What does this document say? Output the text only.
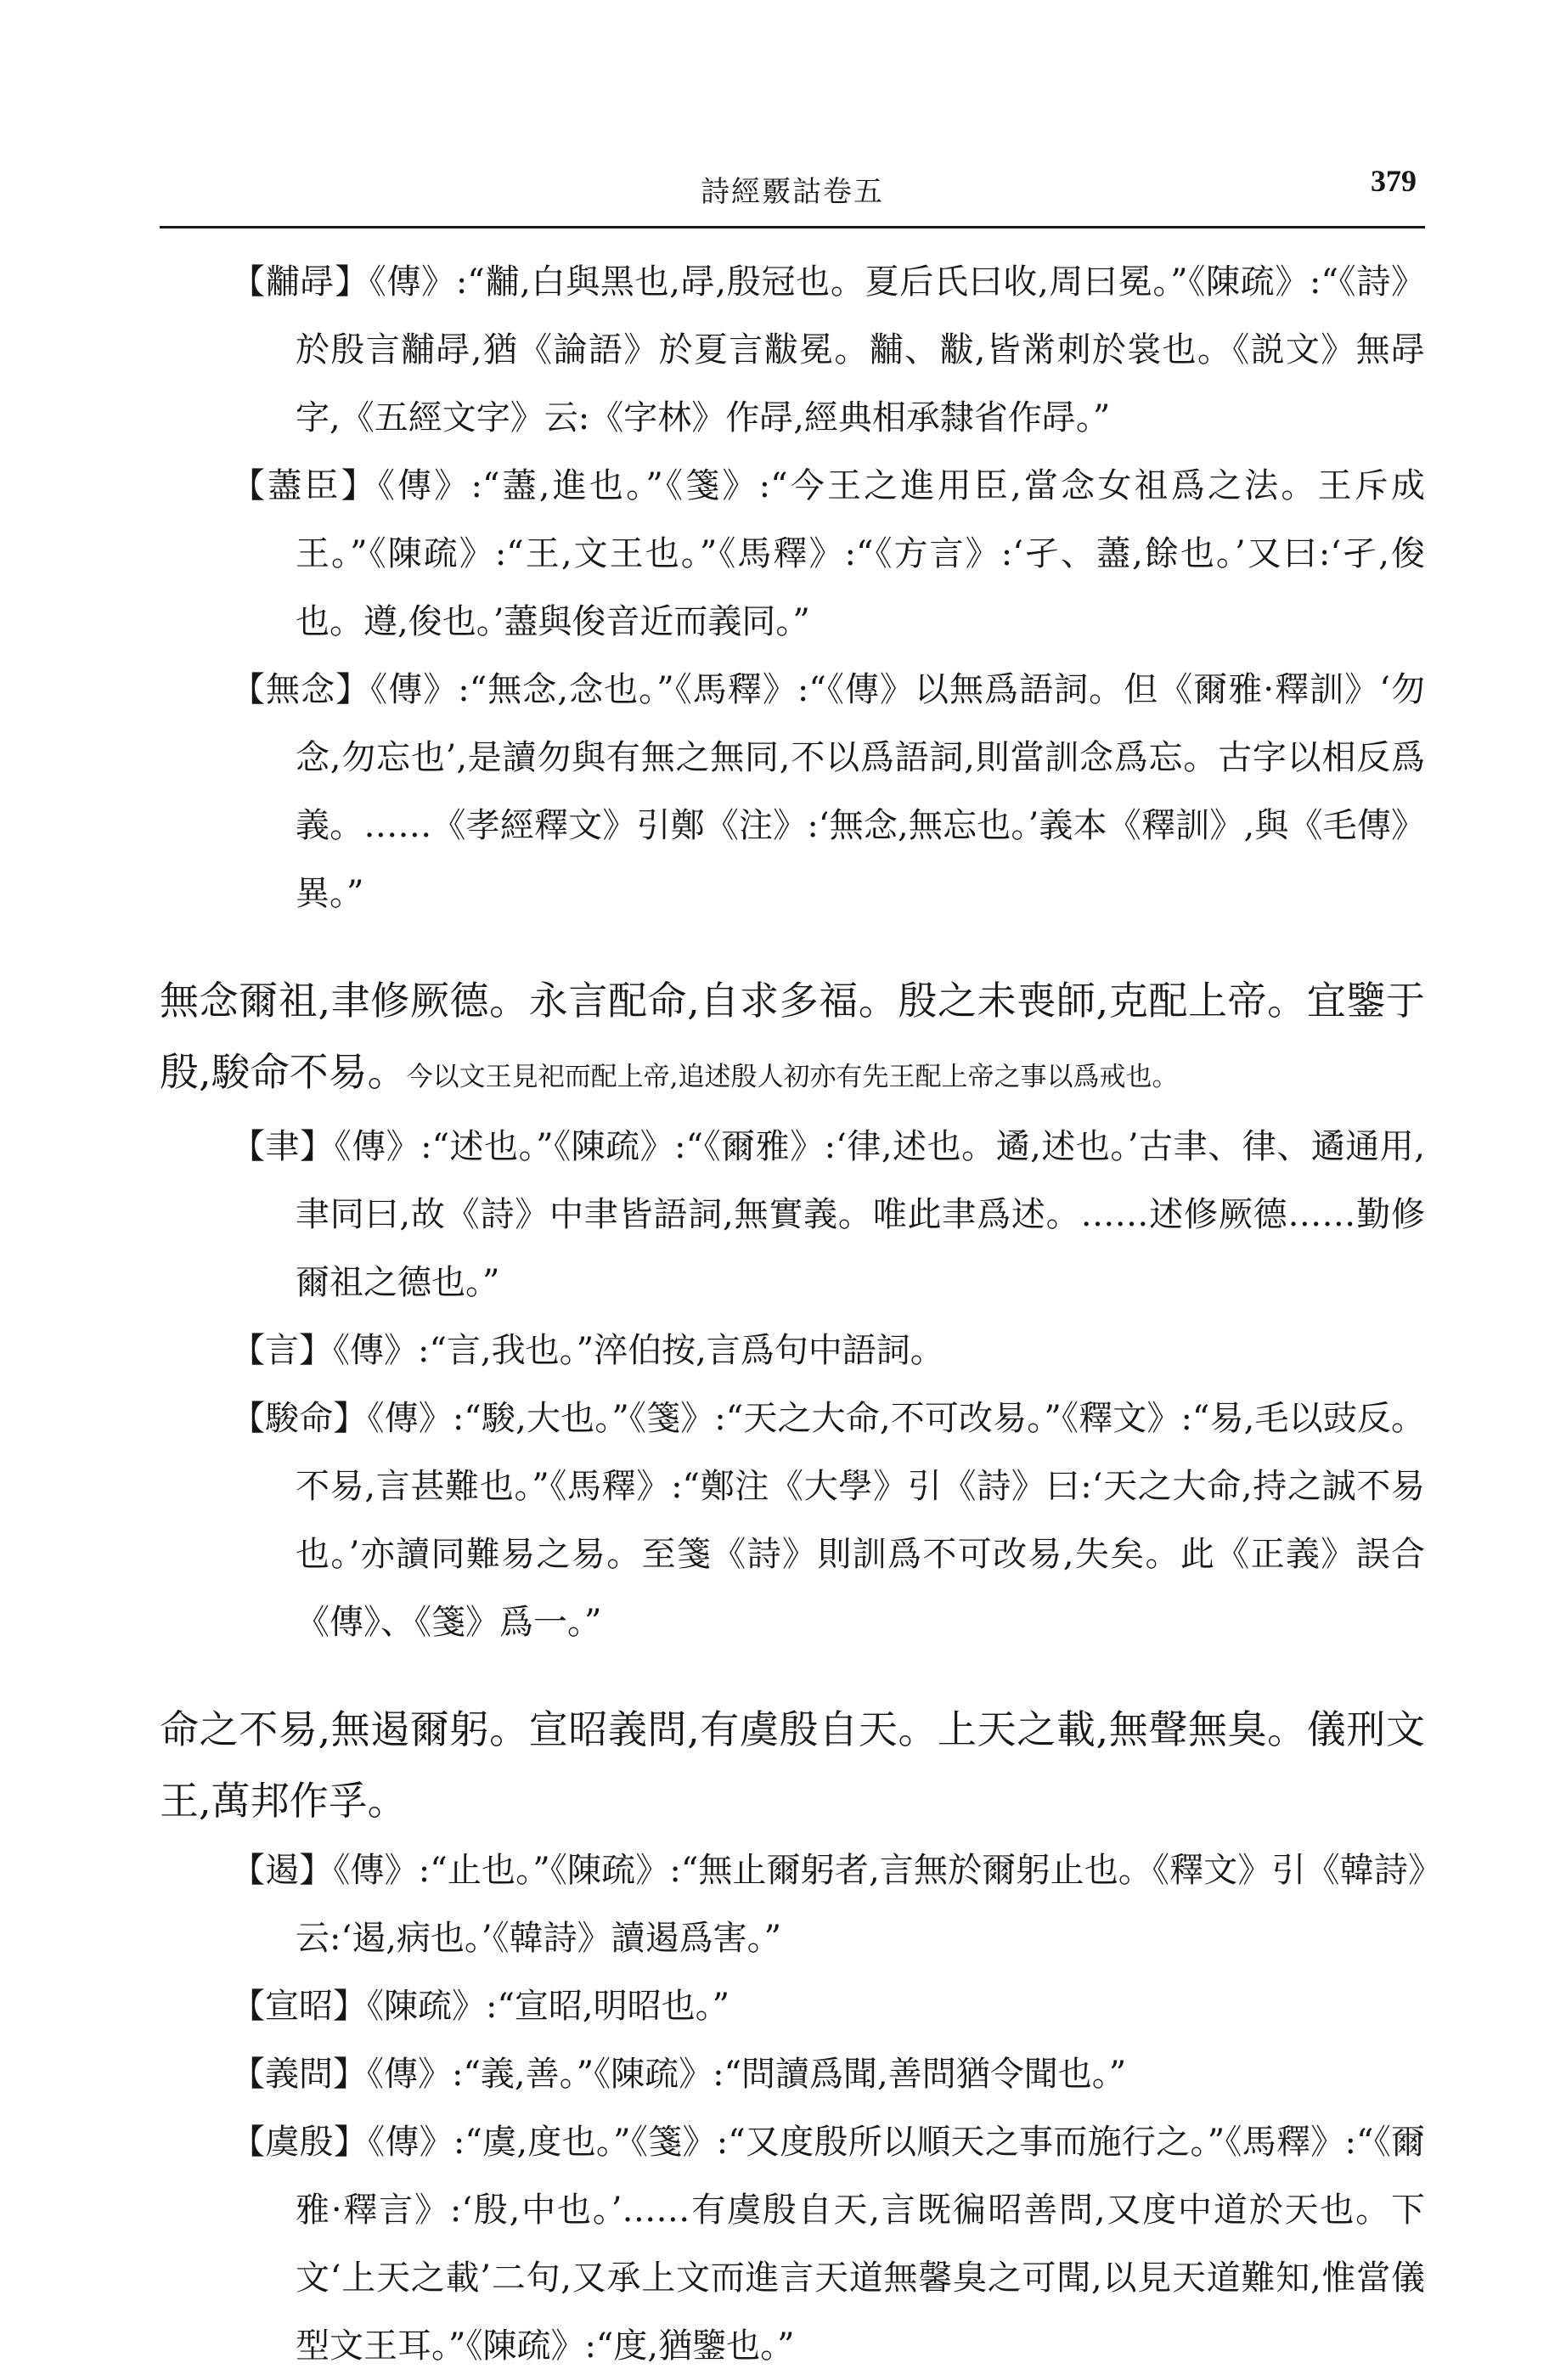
詩經覈詁卷五	379

【黼冔】《傳》:“黼,白與黑也,冔,殷冠也。夏后氏曰收,周曰冕。”《陳疏》:“《詩》於殷言黼冔,猶《論語》於夏言黻冕。黼、黻,皆黹刺於裳也。《説文》無冔字,《五經文字》云:《字林》作冔,經典相承隸省作冔。”

【藎臣】《傳》:“藎,進也。”《箋》:“今王之進用臣,當念女祖爲之法。王斥成王。”《陳疏》:“王,文王也。”《馬釋》:“《方言》:‘孑、藎,餘也。’又曰:‘孑,俊也。遵,俊也。’藎與俊音近而義同。”

【無念】《傳》:“無念,念也。”《馬釋》:“《傳》以無爲語詞。但《爾雅·釋訓》‘勿念,勿忘也’,是讀勿與有無之無同,不以爲語詞,則當訓念爲忘。古字以相反爲義。……《孝經釋文》引鄭《注》:‘無念,無忘也。’義本《釋訓》,與《毛傳》異。”

無念爾祖,聿修厥德。永言配命,自求多福。殷之未喪師,克配上帝。宜鑒于殷,駿命不易。今以文王見祀而配上帝,追述殷人初亦有先王配上帝之事以爲戒也。

【聿】《傳》:“述也。”《陳疏》:“《爾雅》:‘律,述也。遹,述也。’古聿、律、遹通用,聿同曰,故《詩》中聿皆語詞,無實義。唯此聿爲述。……述修厥德……勤修爾祖之德也。”

【言】《傳》:“言,我也。”淬伯按,言爲句中語詞。

【駿命】《傳》:“駿,大也。”《箋》:“天之大命,不可改易。”《釋文》:“易,毛以豉反。不易,言甚難也。”《馬釋》:“鄭注《大學》引《詩》曰:‘天之大命,持之誠不易也。’亦讀同難易之易。至箋《詩》則訓爲不可改易,失矣。此《正義》誤合《傳》、《箋》爲一。”

命之不易,無遏爾躬。宣昭義問,有虞殷自天。上天之載,無聲無臭。儀刑文王,萬邦作孚。

【遏】《傳》:“止也。”《陳疏》:“無止爾躬者,言無於爾躬止也。《釋文》引《韓詩》云:‘遏,病也。’《韓詩》讀遏爲害。”

【宣昭】《陳疏》:“宣昭,明昭也。”

【義問】《傳》:“義,善。”《陳疏》:“問讀爲聞,善問猶令聞也。”

【虞殷】《傳》:“虞,度也。”《箋》:“又度殷所以順天之事而施行之。”《馬釋》:“《爾雅·釋言》:‘殷,中也。’……有虞殷自天,言既徧昭善問,又度中道於天也。下文‘上天之載’二句,又承上文而進言天道無馨臭之可聞,以見天道難知,惟當儀型文王耳。”《陳疏》:“度,猶鑒也。”
